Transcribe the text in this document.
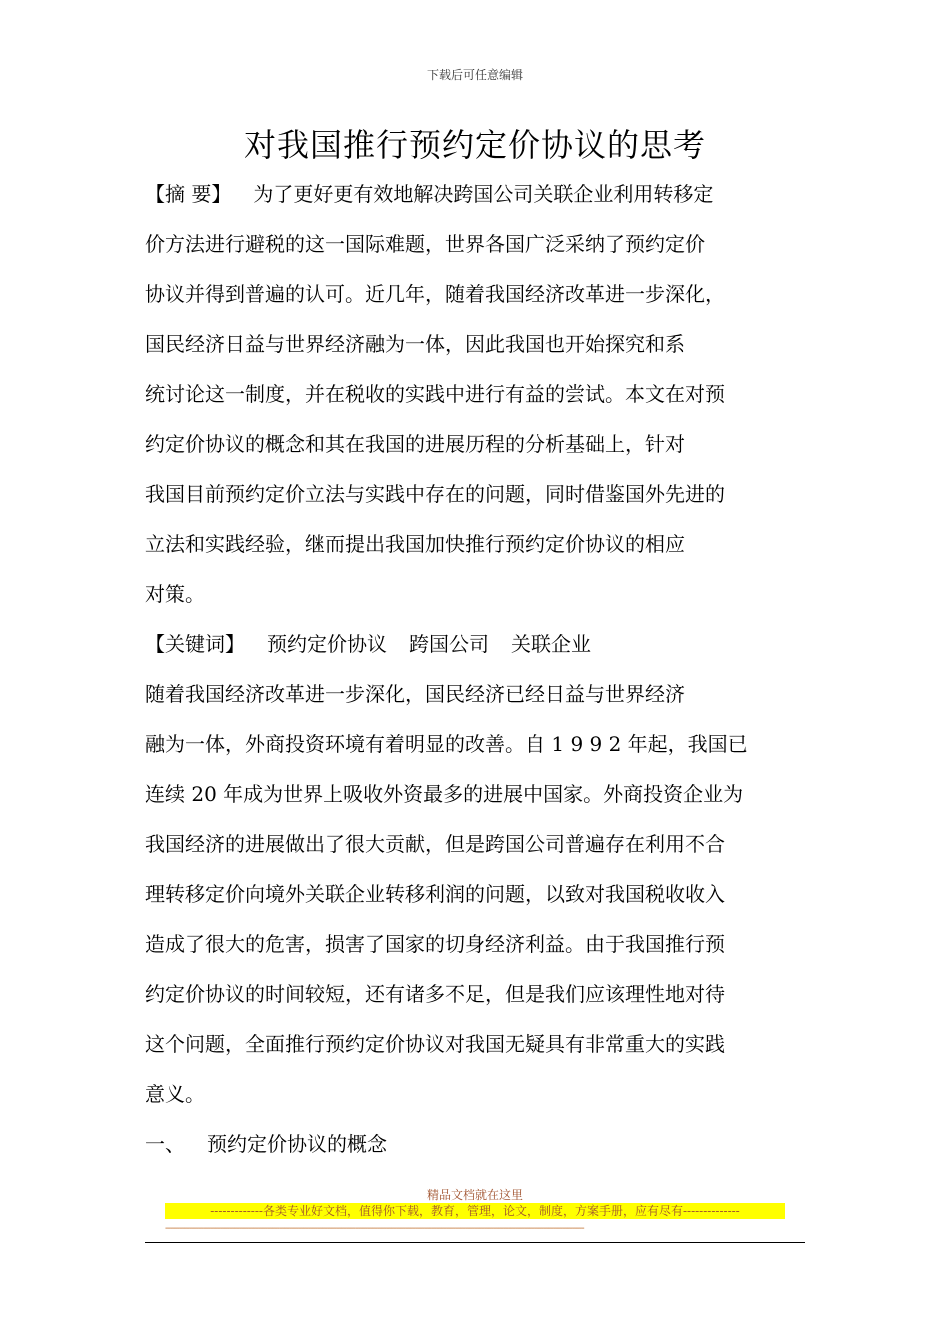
下载后可任意编辑
对我国推行预约定价协议的思考
【摘 要】 为了更好更有效地解决跨国公司关联企业利用转移定
价方法进行避税的这一国际难题，世界各国广泛采纳了预约定价
协议并得到普遍的认可。近几年，随着我国经济改革进一步深化，
国民经济日益与世界经济融为一体，因此我国也开始探究和系
统讨论这一制度，并在税收的实践中进行有益的尝试。本文在对预
约定价协议的概念和其在我国的进展历程的分析基础上，针对
我国目前预约定价立法与实践中存在的问题，同时借鉴国外先进的
立法和实践经验，继而提出我国加快推行预约定价协议的相应
对策。
【关键词】 预约定价协议 跨国公司 关联企业
随着我国经济改革进一步深化，国民经济已经日益与世界经济
融为一体，外商投资环境有着明显的改善。自 1 9 9 2 年起，我国已
连续 20 年成为世界上吸收外资最多的进展中国家。外商投资企业为
我国经济的进展做出了很大贡献，但是跨国公司普遍存在利用不合
理转移定价向境外关联企业转移利润的问题，以致对我国税收收入
造成了很大的危害，损害了国家的切身经济利益。由于我国推行预
约定价协议的时间较短，还有诸多不足，但是我们应该理性地对待
这个问题，全面推行预约定价协议对我国无疑具有非常重大的实践
意义。
一、 预约定价协议的概念
精品文档就在这里
-------------各类专业好文档，值得你下载，教育，管理，论文，制度，方案手册，应有尽有--------------
--------------------------------------------------------------------------------------------------------------------------------------------------------------------------------
